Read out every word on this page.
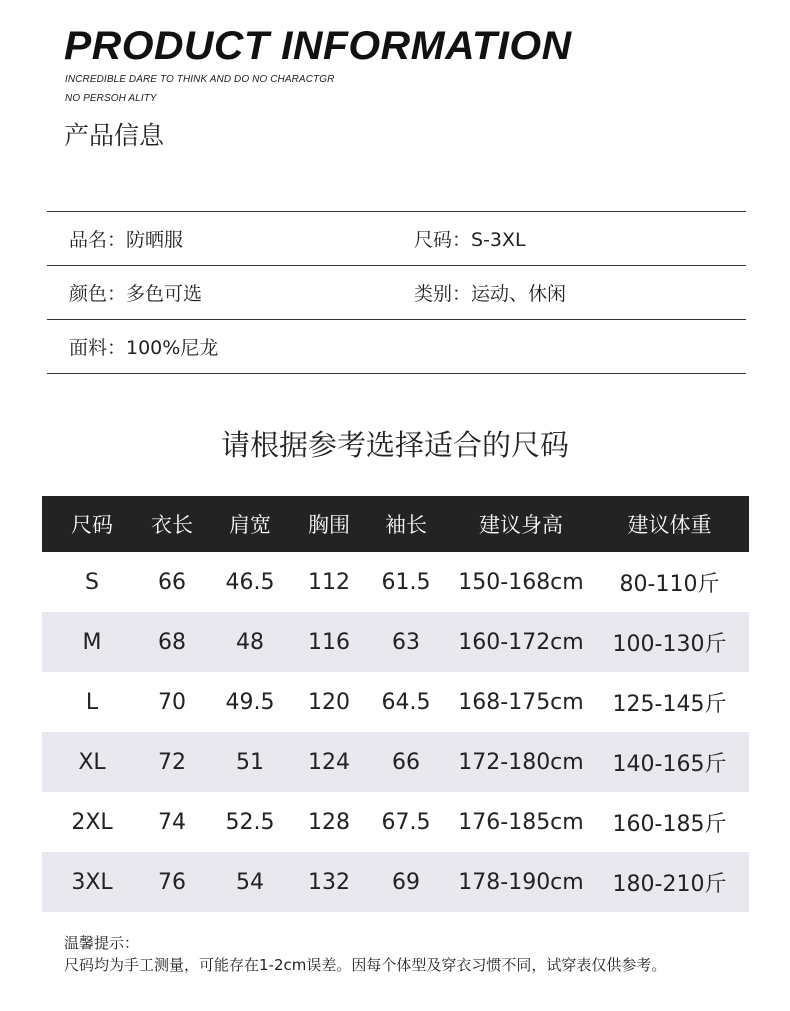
PRODUCT INFORMATION
INCREDIBLE DARE TO THINK AND DO NO CHARACTGR
NO PERSOH ALITY
产品信息
品名：防晒服	尺码：S-3XL
颜色：多色可选	类别：运动、休闲
面料：100%尼龙
请根据参考选择适合的尺码
尺码	衣长	肩宽	胸围	袖长	建议身高	建议体重
S	66	46.5	112	61.5	150-168cm	80-110斤
M	68	48	116	63	160-172cm	100-130斤
L	70	49.5	120	64.5	168-175cm	125-145斤
XL	72	51	124	66	172-180cm	140-165斤
2XL	74	52.5	128	67.5	176-185cm	160-185斤
3XL	76	54	132	69	178-190cm	180-210斤
温馨提示：
尺码均为手工测量，可能存在1-2cm误差。因每个体型及穿衣习惯不同，试穿表仅供参考。
